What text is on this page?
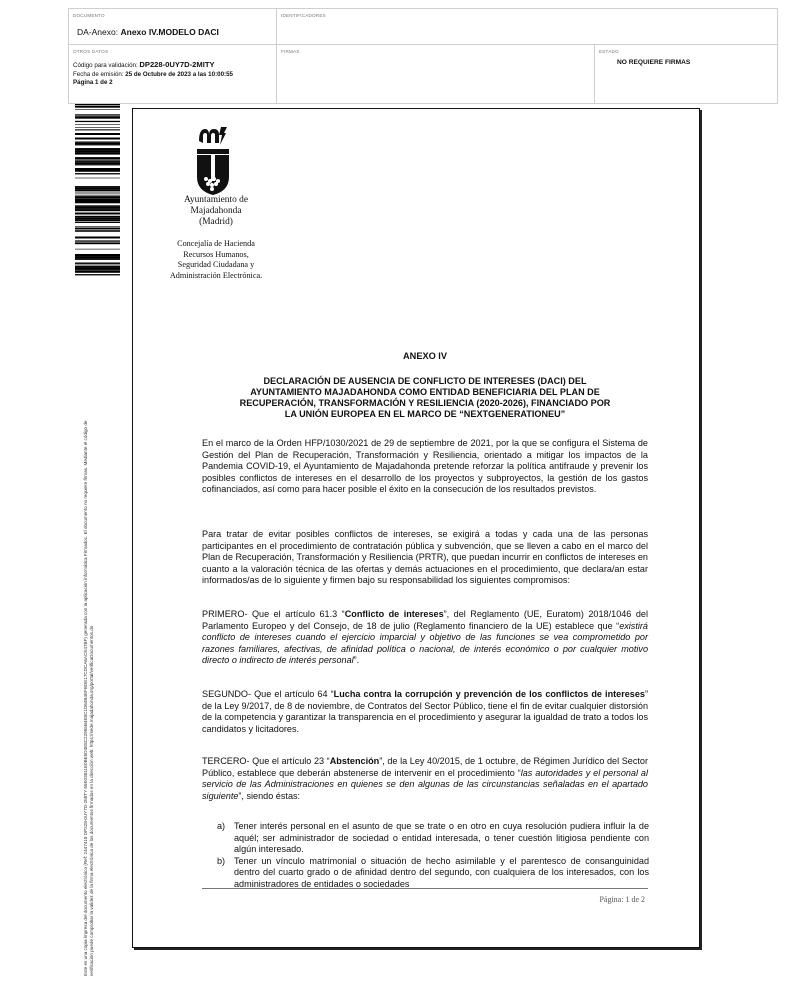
DOCUMENTO
DA-Anexo: Anexo IV.MODELO DACI
IDENTIFICADORES
OTROS DATOS
Código para validación: DP228-0UY7D-2MITY
Fecha de emisión: 25 de Octubre de 2023 a las 10:00:55
Página 1 de 2
FIRMAS	ESTADO
NO REQUIERE FIRMAS
Este es una copia impresa del documento electrónico (Ref: 2447418 DP228-0UY7D-2MITY 65E03811E0BE5D4E8C22955B4E8C1D64B4EFBDE17CDCA6ACE47BF) generada con la aplicación informática Firmadoc. El documento no requiere firmas. Mediante el código de verificación puede comprobar la validez de la firma electrónica de los documentos firmados en la dirección web: https://sede.majadahonda.org/portal/verificaDocumentos.do
Ayuntamiento de
Majadahonda
(Madrid)
Concejalía de Hacienda
Recursos Humanos,
Seguridad Ciudadana y
Administración Electrónica.
ANEXO IV
DECLARACIÓN DE AUSENCIA DE CONFLICTO DE INTERESES (DACI) DEL
AYUNTAMIENTO MAJADAHONDA COMO ENTIDAD BENEFICIARIA DEL PLAN DE
RECUPERACIÓN, TRANSFORMACIÓN Y RESILIENCIA (2020-2026), FINANCIADO POR
LA UNIÓN EUROPEA EN EL MARCO DE “NEXTGENERATIONEU”
En el marco de la Orden HFP/1030/2021 de 29 de septiembre de 2021, por la que se configura el Sistema de Gestión del Plan de Recuperación, Transformación y Resiliencia, orientado a mitigar los impactos de la Pandemia COVID-19, el Ayuntamiento de Majadahonda pretende reforzar la política antifraude y prevenir los posibles conflictos de intereses en el desarrollo de los proyectos y subproyectos, la gestión de los gastos cofinanciados, así como para hacer posible el éxito en la consecución de los resultados previstos.
Para tratar de evitar posibles conflictos de intereses, se exigirá a todas y cada una de las personas participantes en el procedimiento de contratación pública y subvención, que se lleven a cabo en el marco del Plan de Recuperación, Transformación y Resiliencia (PRTR), que puedan incurrir en conflictos de intereses en cuanto a la valoración técnica de las ofertas y demás actuaciones en el procedimiento, que declara/an estar informados/as de lo siguiente y firmen bajo su responsabilidad los siguientes compromisos:
PRIMERO- Que el artículo 61.3 “Conflicto de intereses”, del Reglamento (UE, Euratom) 2018/1046 del Parlamento Europeo y del Consejo, de 18 de julio (Reglamento financiero de la UE) establece que “existirá conflicto de intereses cuando el ejercicio imparcial y objetivo de las funciones se vea comprometido por razones familiares, afectivas, de afinidad política o nacional, de interés económico o por cualquier motivo directo o indirecto de interés personal”.
SEGUNDO- Que el artículo 64 “Lucha contra la corrupción y prevención de los conflictos de intereses” de la Ley 9/2017, de 8 de noviembre, de Contratos del Sector Público, tiene el fin de evitar cualquier distorsión de la competencia y garantizar la transparencia en el procedimiento y asegurar la igualdad de trato a todos los candidatos y licitadores.
TERCERO- Que el artículo 23 “Abstención”, de la Ley 40/2015, de 1 octubre, de Régimen Jurídico del Sector Público, establece que deberán abstenerse de intervenir en el procedimiento “las autoridades y el personal al servicio de las Administraciones en quienes se den algunas de las circunstancias señaladas en el apartado siguiente”, siendo éstas:
a) Tener interés personal en el asunto de que se trate o en otro en cuya resolución pudiera influir la de aquél; ser administrador de sociedad o entidad interesada, o tener cuestión litigiosa pendiente con algún interesado.
b) Tener un vínculo matrimonial o situación de hecho asimilable y el parentesco de consanguinidad dentro del cuarto grado o de afinidad dentro del segundo, con cualquiera de los interesados, con los administradores de entidades o sociedades
Página: 1 de 2
